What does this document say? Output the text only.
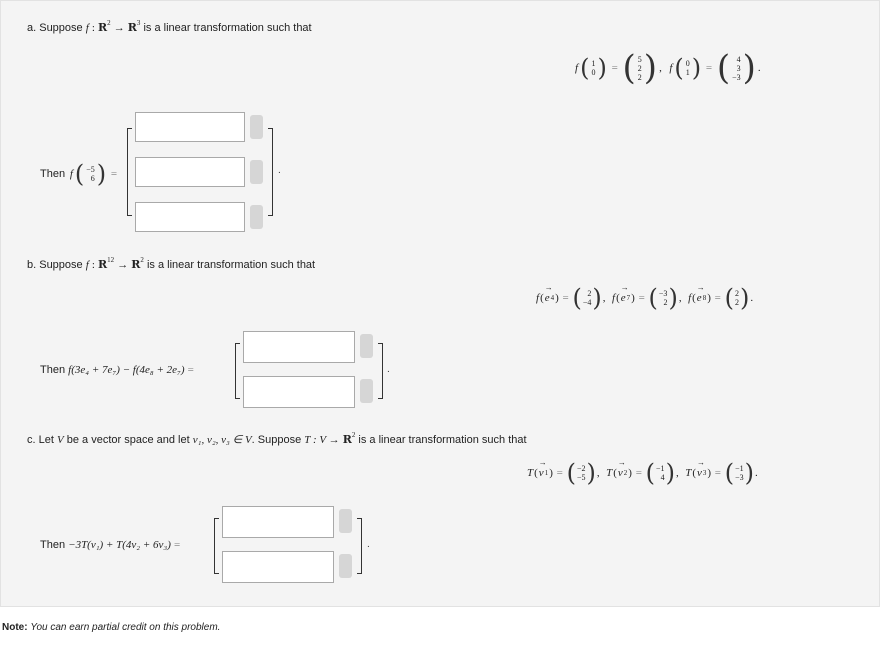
a. Suppose f : $R^2 \to R^3$ is a linear transformation such that
f ( 1
0 ) = ( 5
2
2 ) , f ( 0
1 ) = ( 4
3
−3 ) .
Then f ( −5
6 ) =	.
b. Suppose f : $R^{12} \to R^2$ is a linear transformation such that
f ( → e 4 ) = ( 2
−4 ) , f ( → e 7 ) = ( −3
2 ) , f ( → e 8 ) = ( 2
2 ) .
Then f(3e₄ + 7e₇) − f(4e₈ + 2e₇) =	.
c. Let V be a vector space and let v₁, v₂, v₃ ∈ V. Suppose T : $V \to R^2$ is a linear transformation such that
T ( → v 1 ) = ( −2
−5 ) , T ( → v 2 ) = ( −1
4 ) , T ( → v 3 ) = ( −1
−3 ) .
Then −3T(v₁) + T(4v₂ + 6v₃) =	.
Note: You can earn partial credit on this problem.
